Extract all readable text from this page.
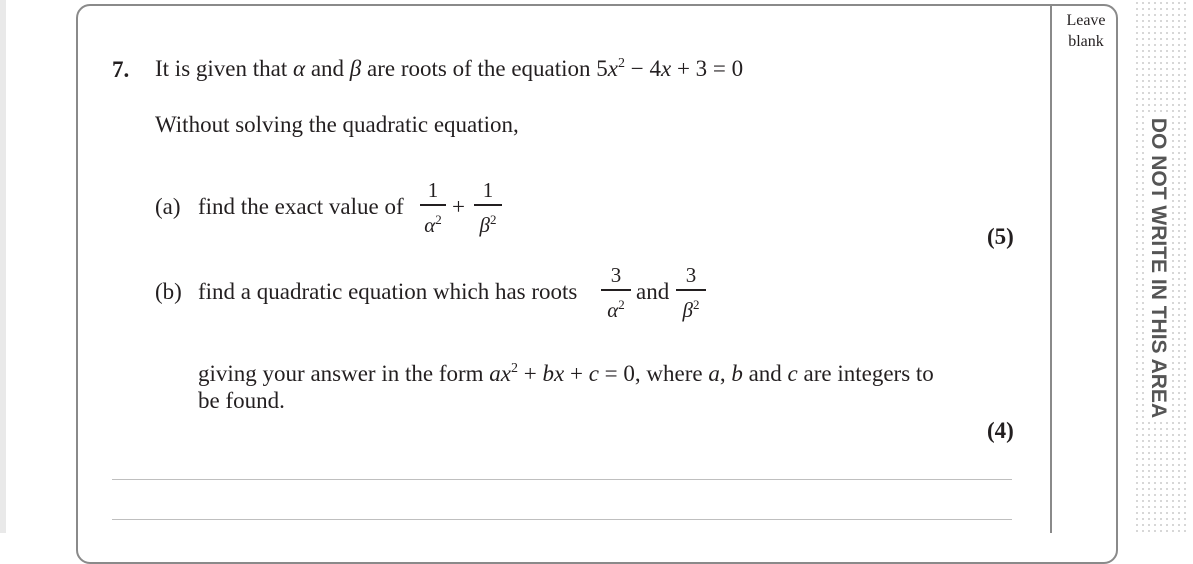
Leave blank
DO NOT WRITE IN THIS AREA
7. It is given that α and β are roots of the equation $5x^2 - 4x + 3 = 0$
Without solving the quadratic equation,
(a) find the exact value of
1
$\alpha^2$ +
1
$\beta^2$
(5)
(b) find a quadratic equation which has roots
3
$\alpha^2$ and
3
$\beta^2$
giving your answer in the form $ax^2$ + bx + c = 0, where a, b and c are integers to
be found.
(4)
